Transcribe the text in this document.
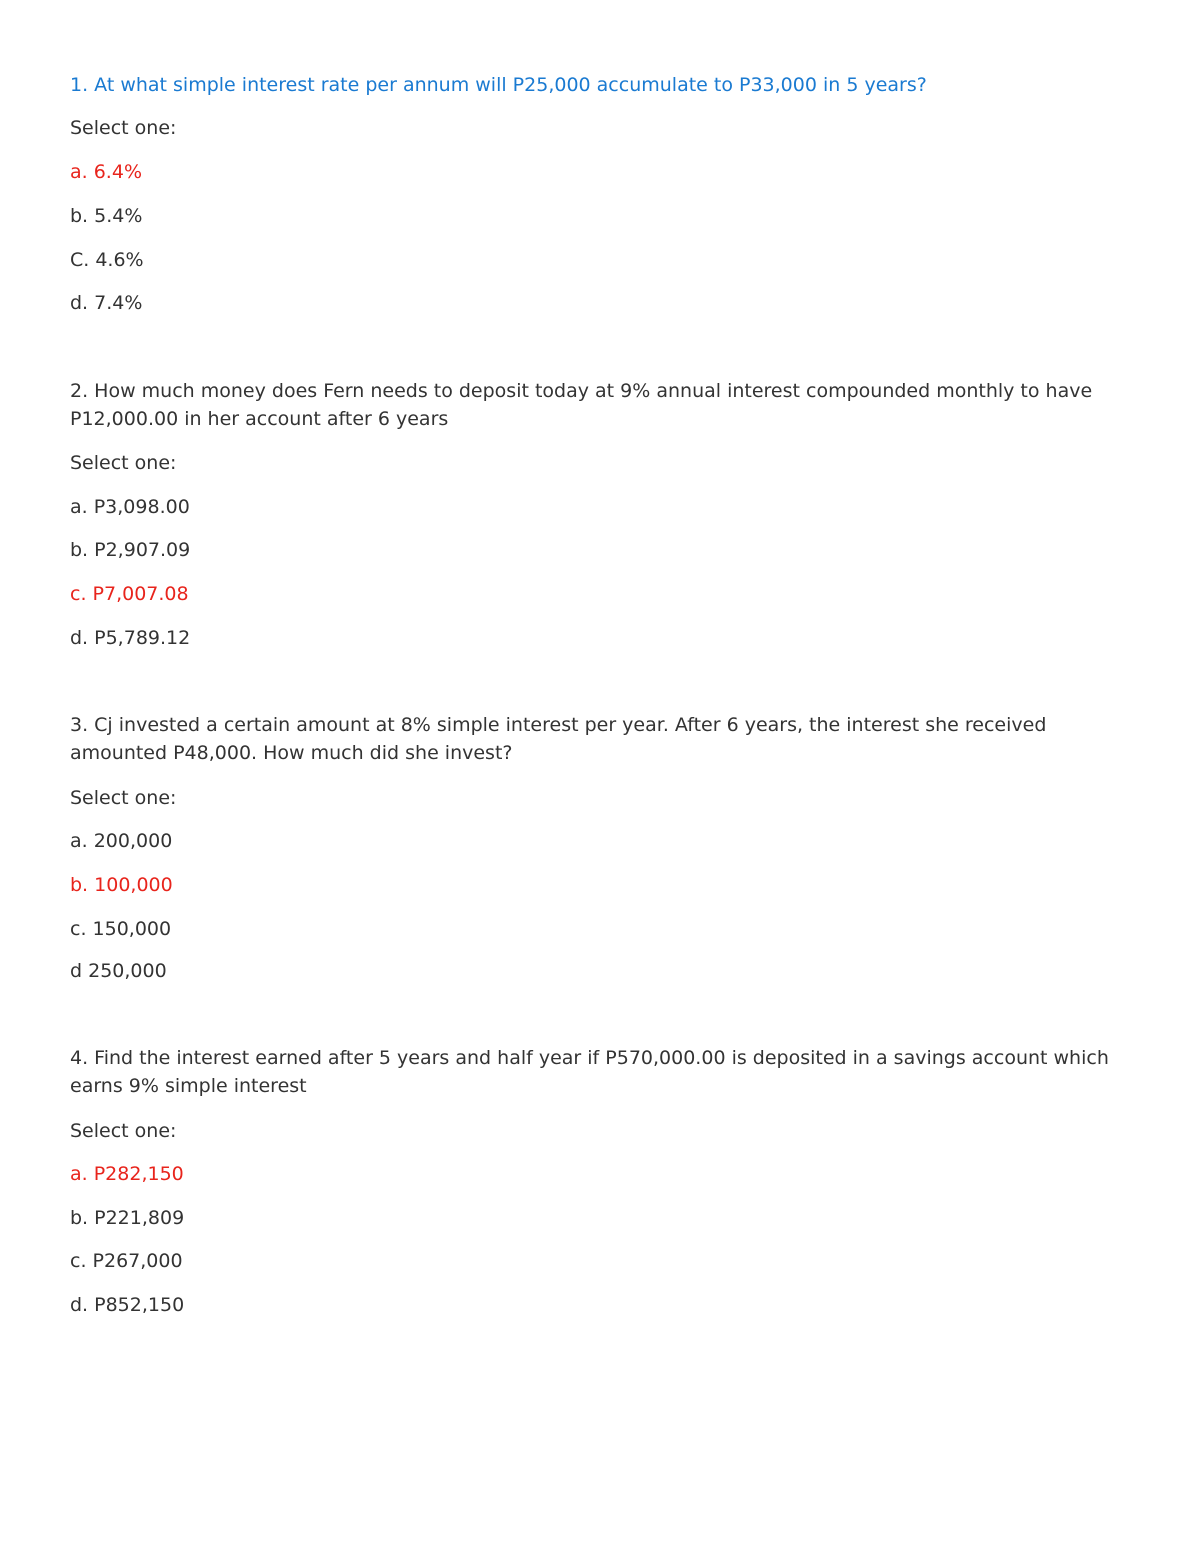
1. At what simple interest rate per annum will P25,000 accumulate to P33,000 in 5 years?

Select one:

a. 6.4%

b. 5.4%

C. 4.6%

d. 7.4%

2. How much money does Fern needs to deposit today at 9% annual interest compounded monthly to have P12,000.00 in her account after 6 years

Select one:

a. P3,098.00

b. P2,907.09

c. P7,007.08

d. P5,789.12

3. Cj invested a certain amount at 8% simple interest per year. After 6 years, the interest she received amounted P48,000. How much did she invest?

Select one:

a. 200,000

b. 100,000

c. 150,000

d 250,000

4. Find the interest earned after 5 years and half year if P570,000.00 is deposited in a savings account which earns 9% simple interest

Select one:

a. P282,150

b. P221,809

c. P267,000

d. P852,150
